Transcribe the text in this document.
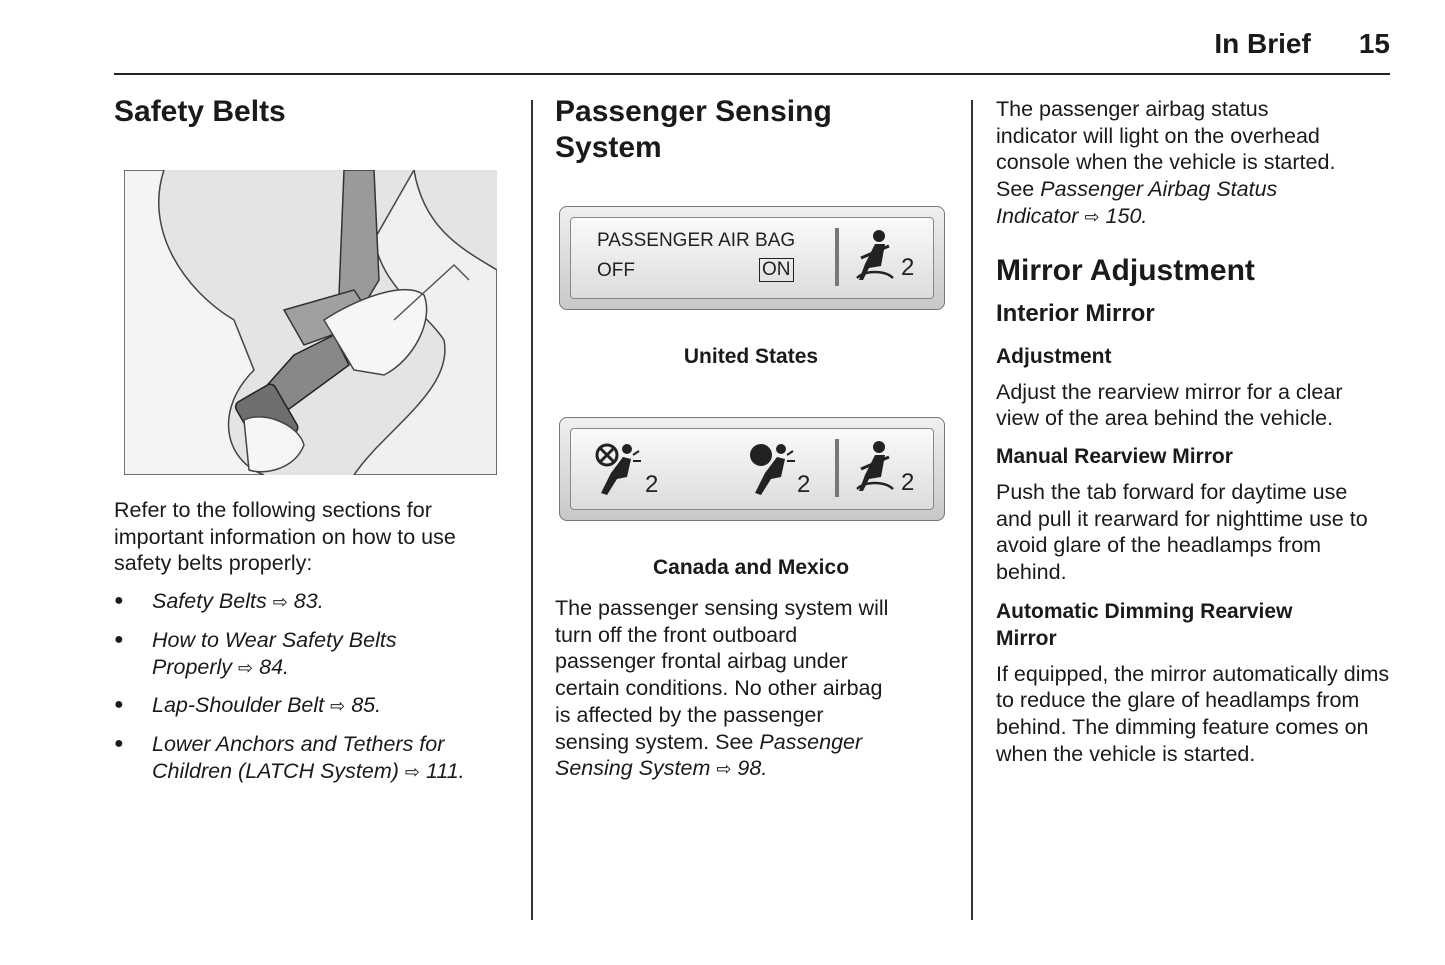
In Brief 15
Safety Belts

Refer to the following sections for important information on how to use safety belts properly:

● Safety Belts ⇨ 83.
● How to Wear Safety Belts
Properly ⇨ 84.
● Lap-Shoulder Belt ⇨ 85.
● Lower Anchors and Tethers for
Children (LATCH System) ⇨ 111.
Passenger Sensing
System
PASSENGER AIR BAG
OFF	ON	2
United States
2	2	2
Canada and Mexico

The passenger sensing system will
turn off the front outboard
passenger frontal airbag under
certain conditions. No other airbag
is affected by the passenger
sensing system. See Passenger
Sensing System ⇨ 98.

The passenger airbag status
indicator will light on the overhead
console when the vehicle is started.
See Passenger Airbag Status
Indicator ⇨ 150.

Mirror Adjustment
Interior Mirror
Adjustment

Adjust the rearview mirror for a clear view of the area behind the vehicle.

Manual Rearview Mirror

Push the tab forward for daytime use and pull it rearward for nighttime use to avoid glare of the headlamps from behind.

Automatic Dimming Rearview
Mirror

If equipped, the mirror automatically dims to reduce the glare of headlamps from behind. The dimming feature comes on when the vehicle is started.
